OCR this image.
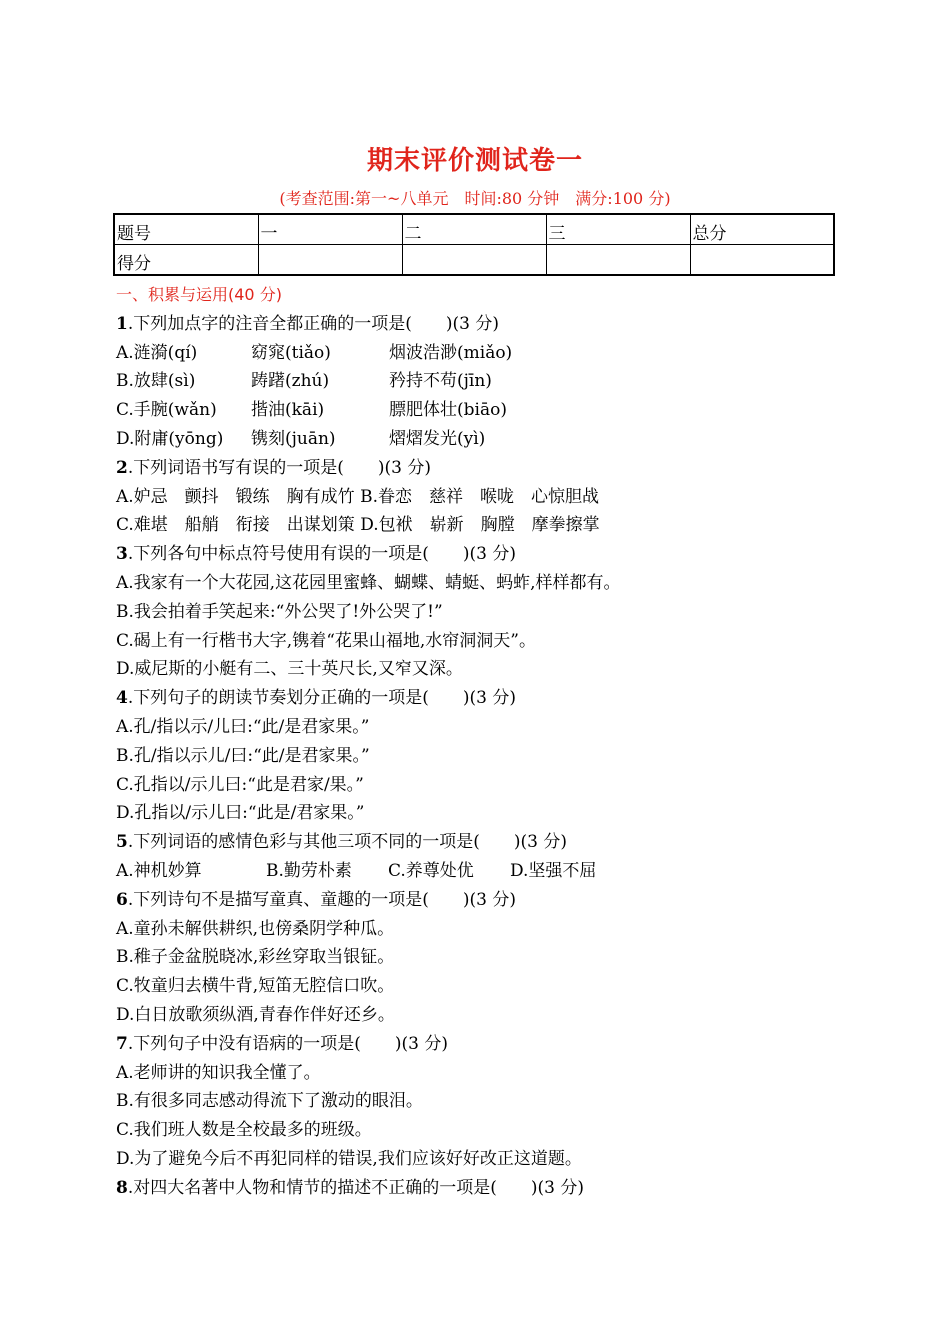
期末评价测试卷一
(考查范围:第一~八单元　时间:80 分钟　满分:100 分)
题号	一	二	三	总分
得分				
一、积累与运用(40 分)
1.下列加点字的注音全都正确的一项是(　　)(3 分)
A.涟漪(qí)	窈窕(tiǎo)	烟波浩渺(miǎo)
B.放肆(sì)	踌躇(zhú)	矜持不苟(jīn)
C.手腕(wǎn)	揩油(kāi)	膘肥体壮(biāo)
D.附庸(yōng)	镌刻(juān)	熠熠发光(yì)
2.下列词语书写有误的一项是(　　)(3 分)
A.妒忌　颤抖　锻练　胸有成竹 B.眷恋　慈祥　喉咙　心惊胆战
C.难堪　船艄　衔接　出谋划策 D.包袱　崭新　胸膛　摩拳擦掌
3.下列各句中标点符号使用有误的一项是(　　)(3 分)
A.我家有一个大花园,这花园里蜜蜂、蝴蝶、蜻蜓、蚂蚱,样样都有。
B.我会拍着手笑起来:“外公哭了!外公哭了!”
C.碣上有一行楷书大字,镌着“花果山福地,水帘洞洞天”。
D.威尼斯的小艇有二、三十英尺长,又窄又深。
4.下列句子的朗读节奏划分正确的一项是(　　)(3 分)
A.孔/指以示/儿曰:“此/是君家果。”
B.孔/指以示儿/曰:“此/是君家果。”
C.孔指以/示儿曰:“此是君家/果。”
D.孔指以/示儿曰:“此是/君家果。”
5.下列词语的感情色彩与其他三项不同的一项是(　　)(3 分)
A.神机妙算	B.勤劳朴素 C.养尊处优 D.坚强不屈
6.下列诗句不是描写童真、童趣的一项是(　　)(3 分)
A.童孙未解供耕织,也傍桑阴学种瓜。
B.稚子金盆脱晓冰,彩丝穿取当银钲。
C.牧童归去横牛背,短笛无腔信口吹。
D.白日放歌须纵酒,青春作伴好还乡。
7.下列句子中没有语病的一项是(　　)(3 分)
A.老师讲的知识我全懂了。
B.有很多同志感动得流下了激动的眼泪。
C.我们班人数是全校最多的班级。
D.为了避免今后不再犯同样的错误,我们应该好好改正这道题。
8.对四大名著中人物和情节的描述不正确的一项是(　　)(3 分)
